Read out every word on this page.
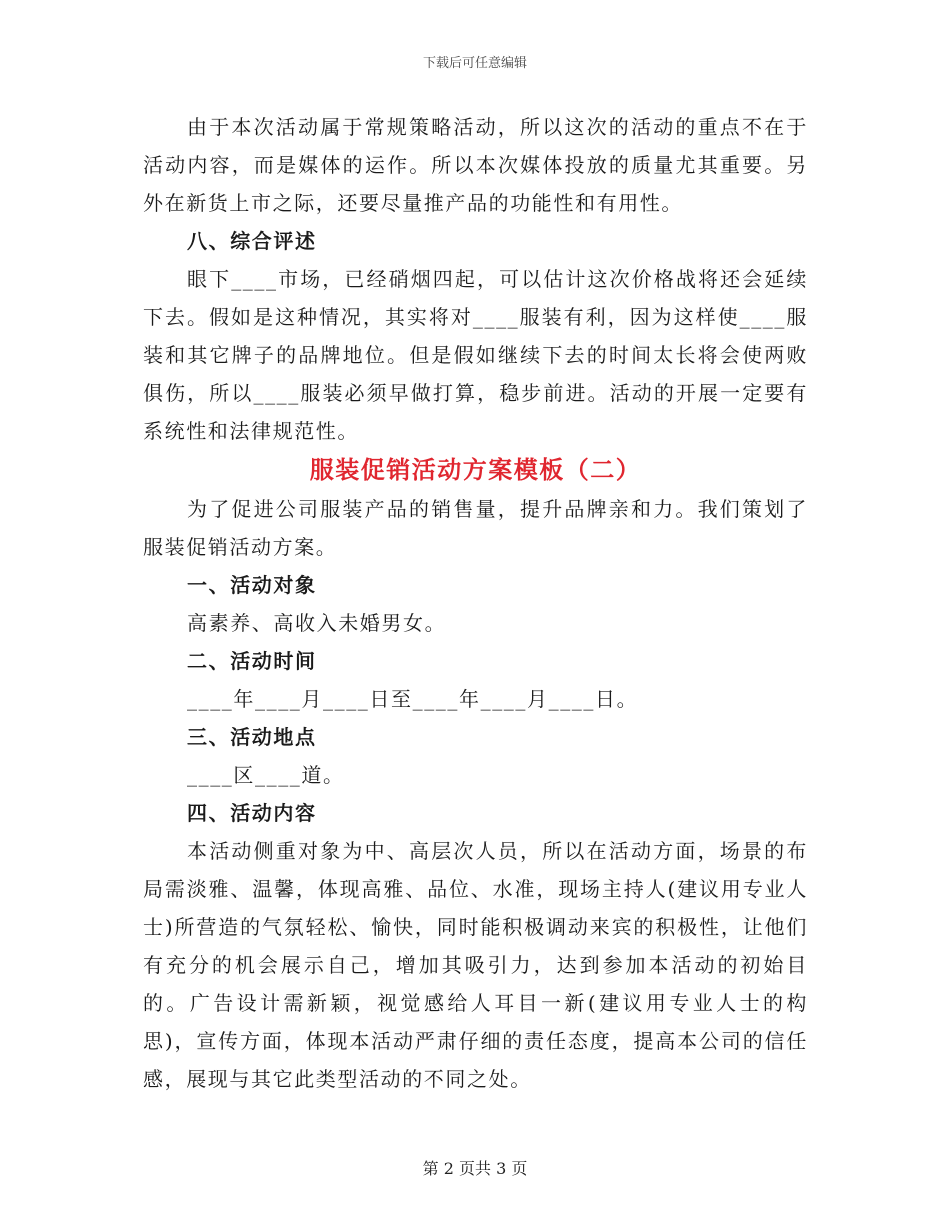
下载后可任意编辑

由于本次活动属于常规策略活动，所以这次的活动的重点不在于活动内容，而是媒体的运作。所以本次媒体投放的质量尤其重要。另外在新货上市之际，还要尽量推产品的功能性和有用性。

八、综合评述

眼下____市场，已经硝烟四起，可以估计这次价格战将还会延续下去。假如是这种情况，其实将对____服装有利，因为这样使____服装和其它牌子的品牌地位。但是假如继续下去的时间太长将会使两败俱伤，所以____服装必须早做打算，稳步前进。活动的开展一定要有系统性和法律规范性。

服装促销活动方案模板（二）

为了促进公司服装产品的销售量，提升品牌亲和力。我们策划了服装促销活动方案。

一、活动对象

高素养、高收入未婚男女。

二、活动时间

____年____月____日至____年____月____日。

三、活动地点

____区____道。

四、活动内容

本活动侧重对象为中、高层次人员，所以在活动方面，场景的布局需淡雅、温馨，体现高雅、品位、水准，现场主持人(建议用专业人士)所营造的气氛轻松、愉快，同时能积极调动来宾的积极性，让他们有充分的机会展示自己，增加其吸引力，达到参加本活动的初始目的。广告设计需新颖，视觉感给人耳目一新(建议用专业人士的构思)，宣传方面，体现本活动严肃仔细的责任态度，提高本公司的信任感，展现与其它此类型活动的不同之处。

第 2 页共 3 页
